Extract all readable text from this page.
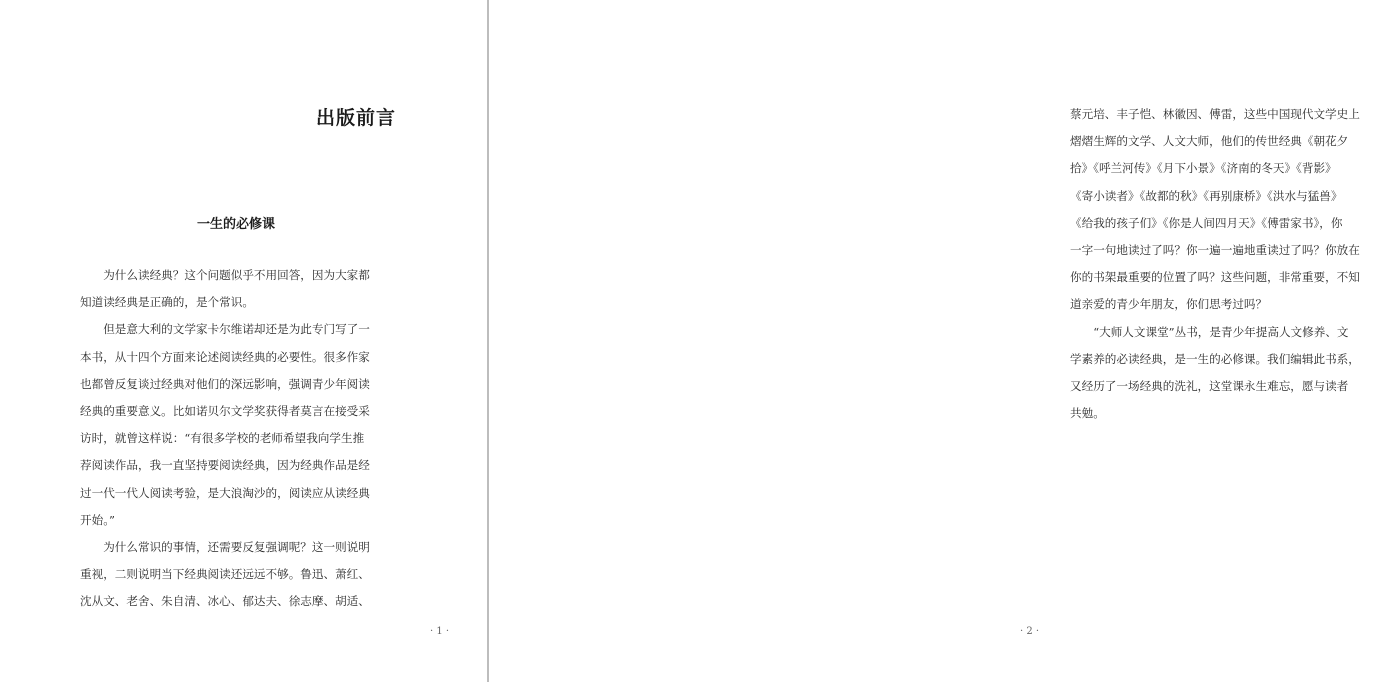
出版前言
一生的必修课

为什么读经典？这个问题似乎不用回答，因为大家都
知道读经典是正确的，是个常识。

但是意大利的文学家卡尔维诺却还是为此专门写了一
本书，从十四个方面来论述阅读经典的必要性。很多作家
也都曾反复谈过经典对他们的深远影响，强调青少年阅读
经典的重要意义。比如诺贝尔文学奖获得者莫言在接受采
访时，就曾这样说：“有很多学校的老师希望我向学生推
荐阅读作品，我一直坚持要阅读经典，因为经典作品是经
过一代一代人阅读考验，是大浪淘沙的，阅读应从读经典
开始。”

为什么常识的事情，还需要反复强调呢？这一则说明
重视，二则说明当下经典阅读还远远不够。鲁迅、萧红、
沈从文、老舍、朱自清、冰心、郁达夫、徐志摩、胡适、

· 1 ·

蔡元培、丰子恺、林徽因、傅雷，这些中国现代文学史上
熠熠生辉的文学、人文大师，他们的传世经典《朝花夕
拾》《呼兰河传》《月下小景》《济南的冬天》《背影》
《寄小读者》《故都的秋》《再别康桥》《洪水与猛兽》
《给我的孩子们》《你是人间四月天》《傅雷家书》，你
一字一句地读过了吗？你一遍一遍地重读过了吗？你放在
你的书架最重要的位置了吗？这些问题，非常重要，不知
道亲爱的青少年朋友，你们思考过吗？

“大师人文课堂”丛书，是青少年提高人文修养、文
学素养的必读经典，是一生的必修课。我们编辑此书系，
又经历了一场经典的洗礼，这堂课永生难忘，愿与读者
共勉。

· 2 ·
